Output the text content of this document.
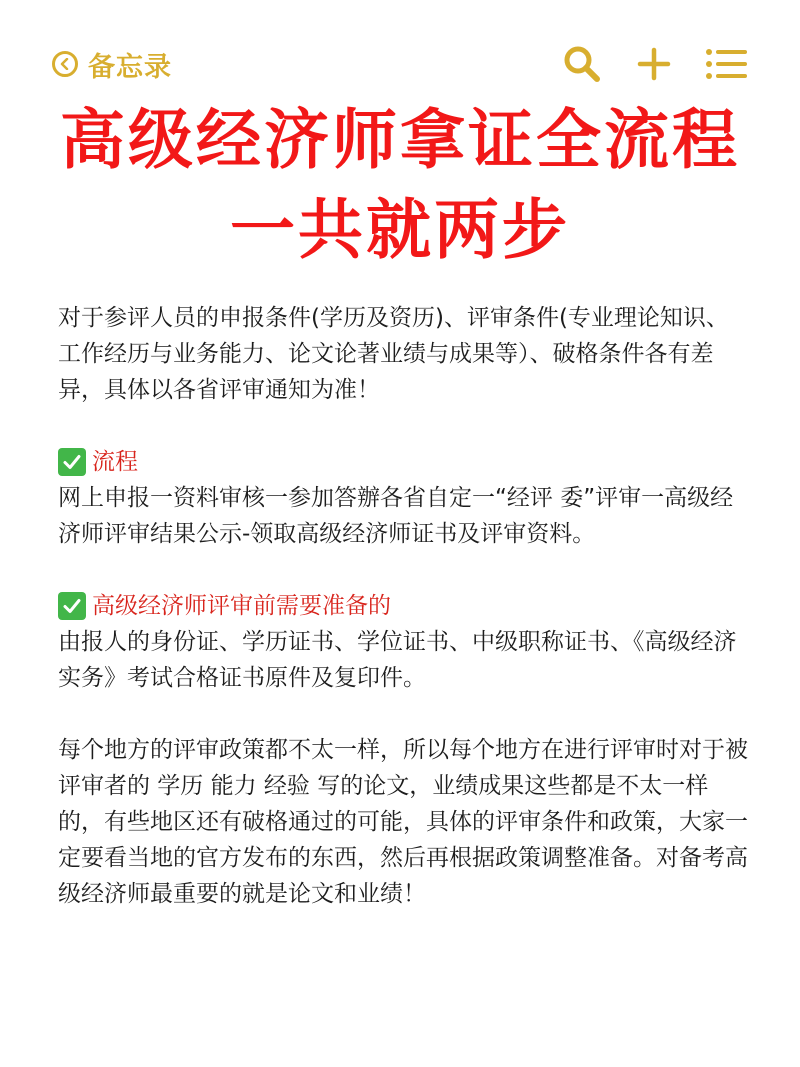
备忘录
高级经济师拿证全流程
一共就两步

对于参评人员的申报条件(学历及资历)、评审条件(专业理论知识、工作经历与业务能力、论文论著业绩与成果等）、破格条件各有差异，具体以各省评审通知为准！

流程

网上申报一资料审核一参加答辦各省自定一“经评 委”评审一高级经济师评审结果公示-领取高级经济师证书及评审资料。

高级经济师评审前需要准备的

由报人的身份证、学历证书、学位证书、中级职称证书、《高级经济实务》考试合格证书原件及复印件。

每个地方的评审政策都不太一样，所以每个地方在进行评审时对于被评审者的 学历 能力 经验 写的论文，业绩成果这些都是不太一样的，有些地区还有破格通过的可能，具体的评审条件和政策，大家一定要看当地的官方发布的东西，然后再根据政策调整准备。对备考高级经济师最重要的就是论文和业绩！
